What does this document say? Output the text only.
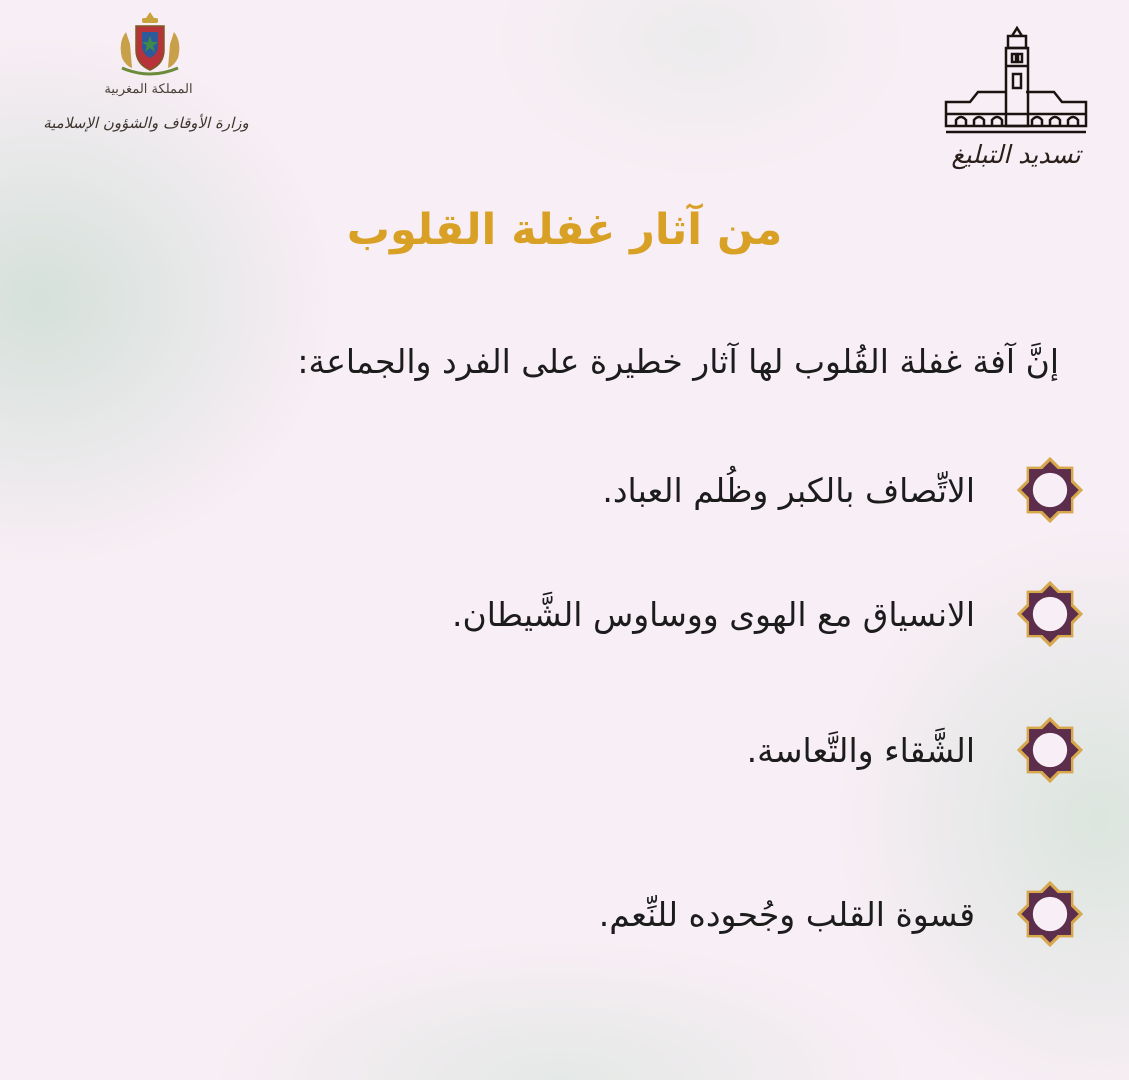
المملكة المغربية
وزارة الأوقاف والشؤون الإسلامية
تسديد التبليغ
من آثار غفلة القلوب

إنَّ آفة غفلة القُلوب لها آثار خطيرة على الفرد والجماعة:

الاتِّصاف بالكبر وظُلم العباد.
الانسياق مع الهوى ووساوس الشَّيطان.
الشَّقاء والتَّعاسة.
قسوة القلب وجُحوده للنِّعم.
